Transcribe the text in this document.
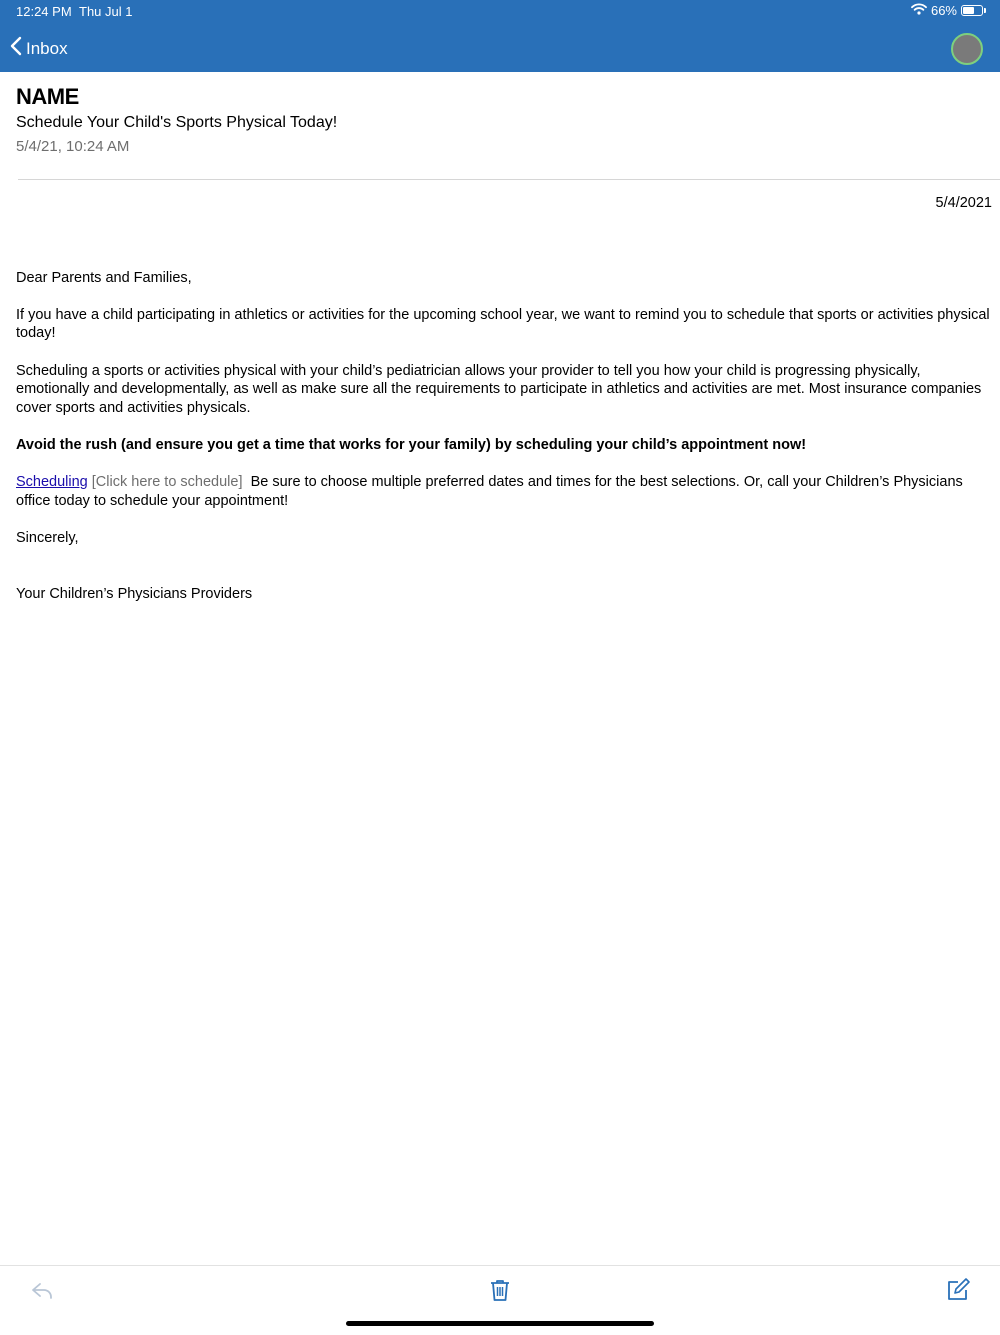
12:24 PM Thu Jul 1	66%
Inbox
NAME
Schedule Your Child's Sports Physical Today!
5/4/21, 10:24 AM

5/4/2021

Dear Parents and Families,

If you have a child participating in athletics or activities for the upcoming school year, we want to remind you to schedule that sports or activities physical today!

Scheduling a sports or activities physical with your child’s pediatrician allows your provider to tell you how your child is progressing physically, emotionally and developmentally, as well as make sure all the requirements to participate in athletics and activities are met. Most insurance companies cover sports and activities physicals.

Avoid the rush (and ensure you get a time that works for your family) by scheduling your child’s appointment now!

Scheduling [Click here to schedule] Be sure to choose multiple preferred dates and times for the best selections. Or, call your Children’s Physicians office today to schedule your appointment!

Sincerely,

Your Children’s Physicians Providers
